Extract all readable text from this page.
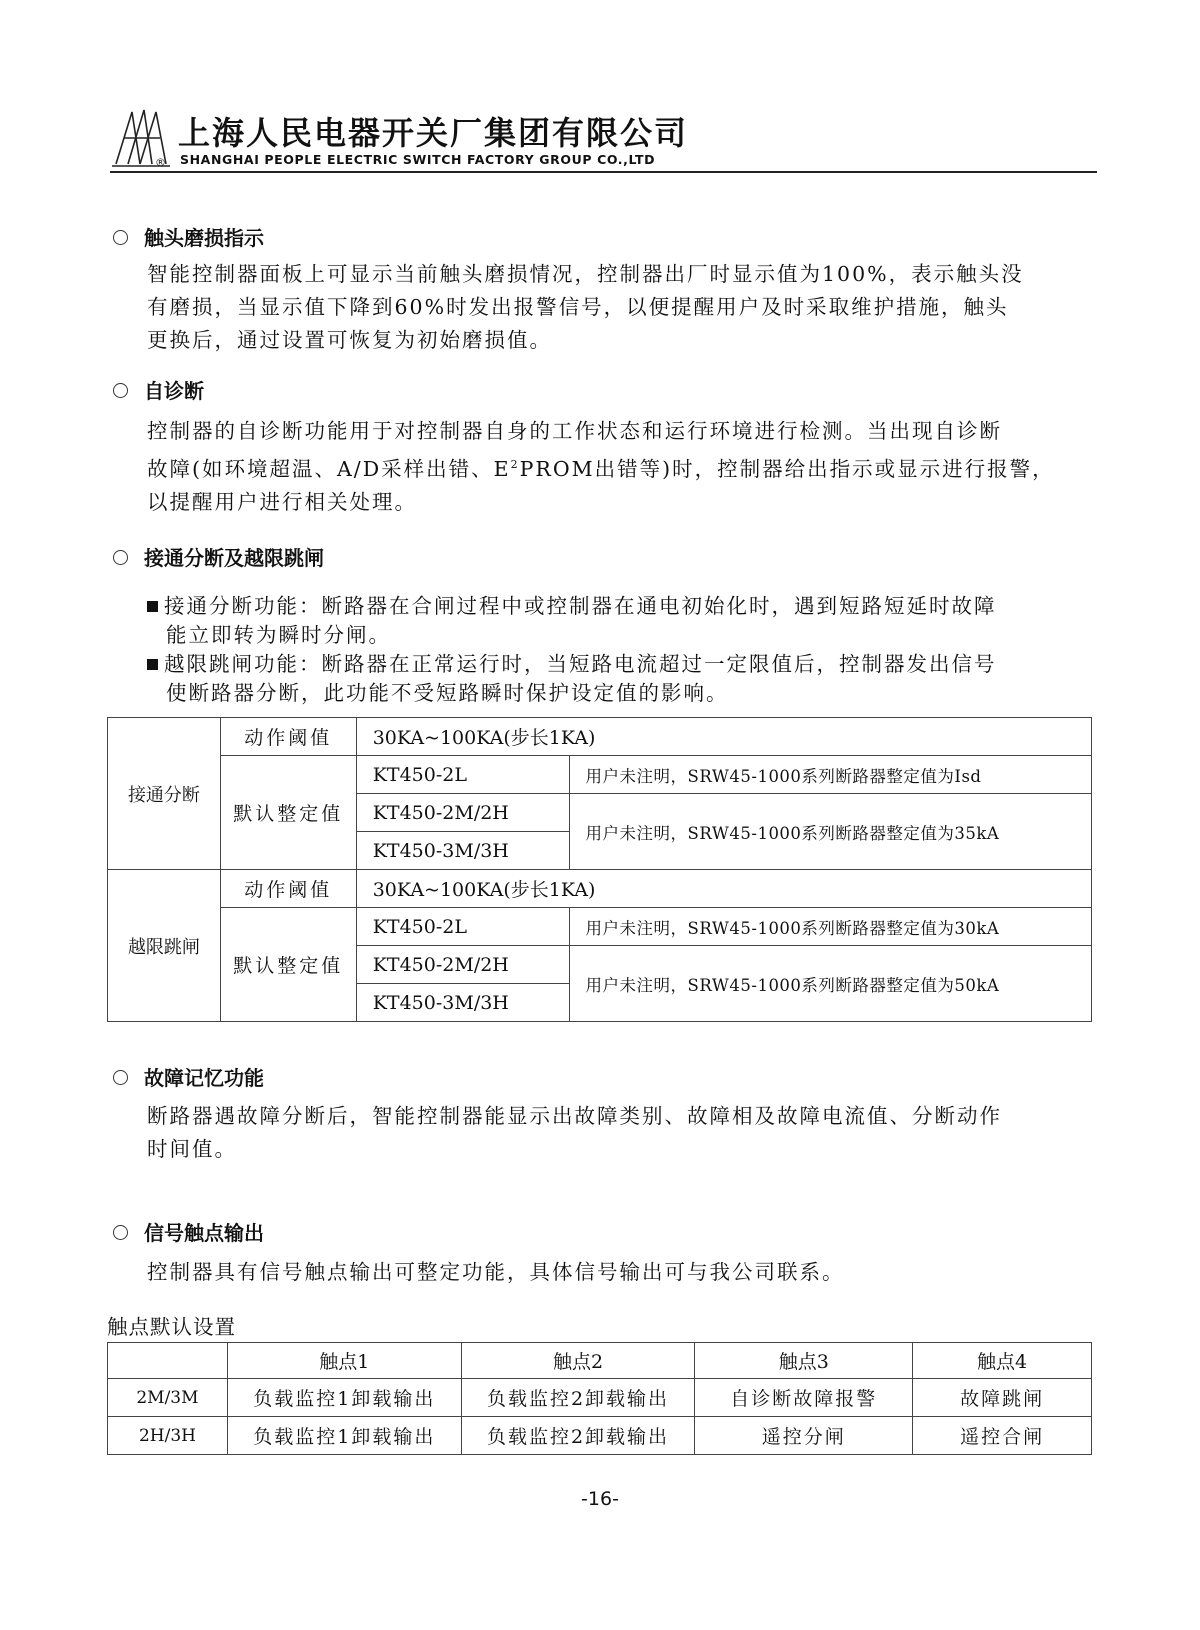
®
上海人民电器开关厂集团有限公司
SHANGHAI PEOPLE ELECTRIC SWITCH FACTORY GROUP CO.,LTD
触头磨损指示
智能控制器面板上可显示当前触头磨损情况，控制器出厂时显示值为100%，表示触头没
有磨损，当显示值下降到60%时发出报警信号，以便提醒用户及时采取维护措施，触头
更换后，通过设置可恢复为初始磨损值。
自诊断
控制器的自诊断功能用于对控制器自身的工作状态和运行环境进行检测。当出现自诊断
故障(如环境超温、A/D采样出错、$E^2PROM$出错等)时，控制器给出指示或显示进行报警，
以提醒用户进行相关处理。
接通分断及越限跳闸
接通分断功能：断路器在合闸过程中或控制器在通电初始化时，遇到短路短延时故障
能立即转为瞬时分闸。
越限跳闸功能：断路器在正常运行时，当短路电流超过一定限值后，控制器发出信号
使断路器分断，此功能不受短路瞬时保护设定值的影响。
接通分断	动作阈值	30KA~100KA(步长1KA)	
	默认整定值	KT450-2L	用户未注明，SRW45-1000系列断路器整定值为Isd
		KT450-2M/2H	用户未注明，SRW45-1000系列断路器整定值为35kA
		KT450-3M/3H	
越限跳闸	动作阈值	30KA~100KA(步长1KA)	
	默认整定值	KT450-2L	用户未注明，SRW45-1000系列断路器整定值为30kA
		KT450-2M/2H	用户未注明，SRW45-1000系列断路器整定值为50kA
		KT450-3M/3H	
故障记忆功能
断路器遇故障分断后，智能控制器能显示出故障类别、故障相及故障电流值、分断动作
时间值。
信号触点输出
控制器具有信号触点输出可整定功能，具体信号输出可与我公司联系。
触点默认设置
	触点1	触点2	触点3	触点4
2M/3M	负载监控1卸载输出	负载监控2卸载输出	自诊断故障报警	故障跳闸
2H/3H	负载监控1卸载输出	负载监控2卸载输出	遥控分闸	遥控合闸
-16-
